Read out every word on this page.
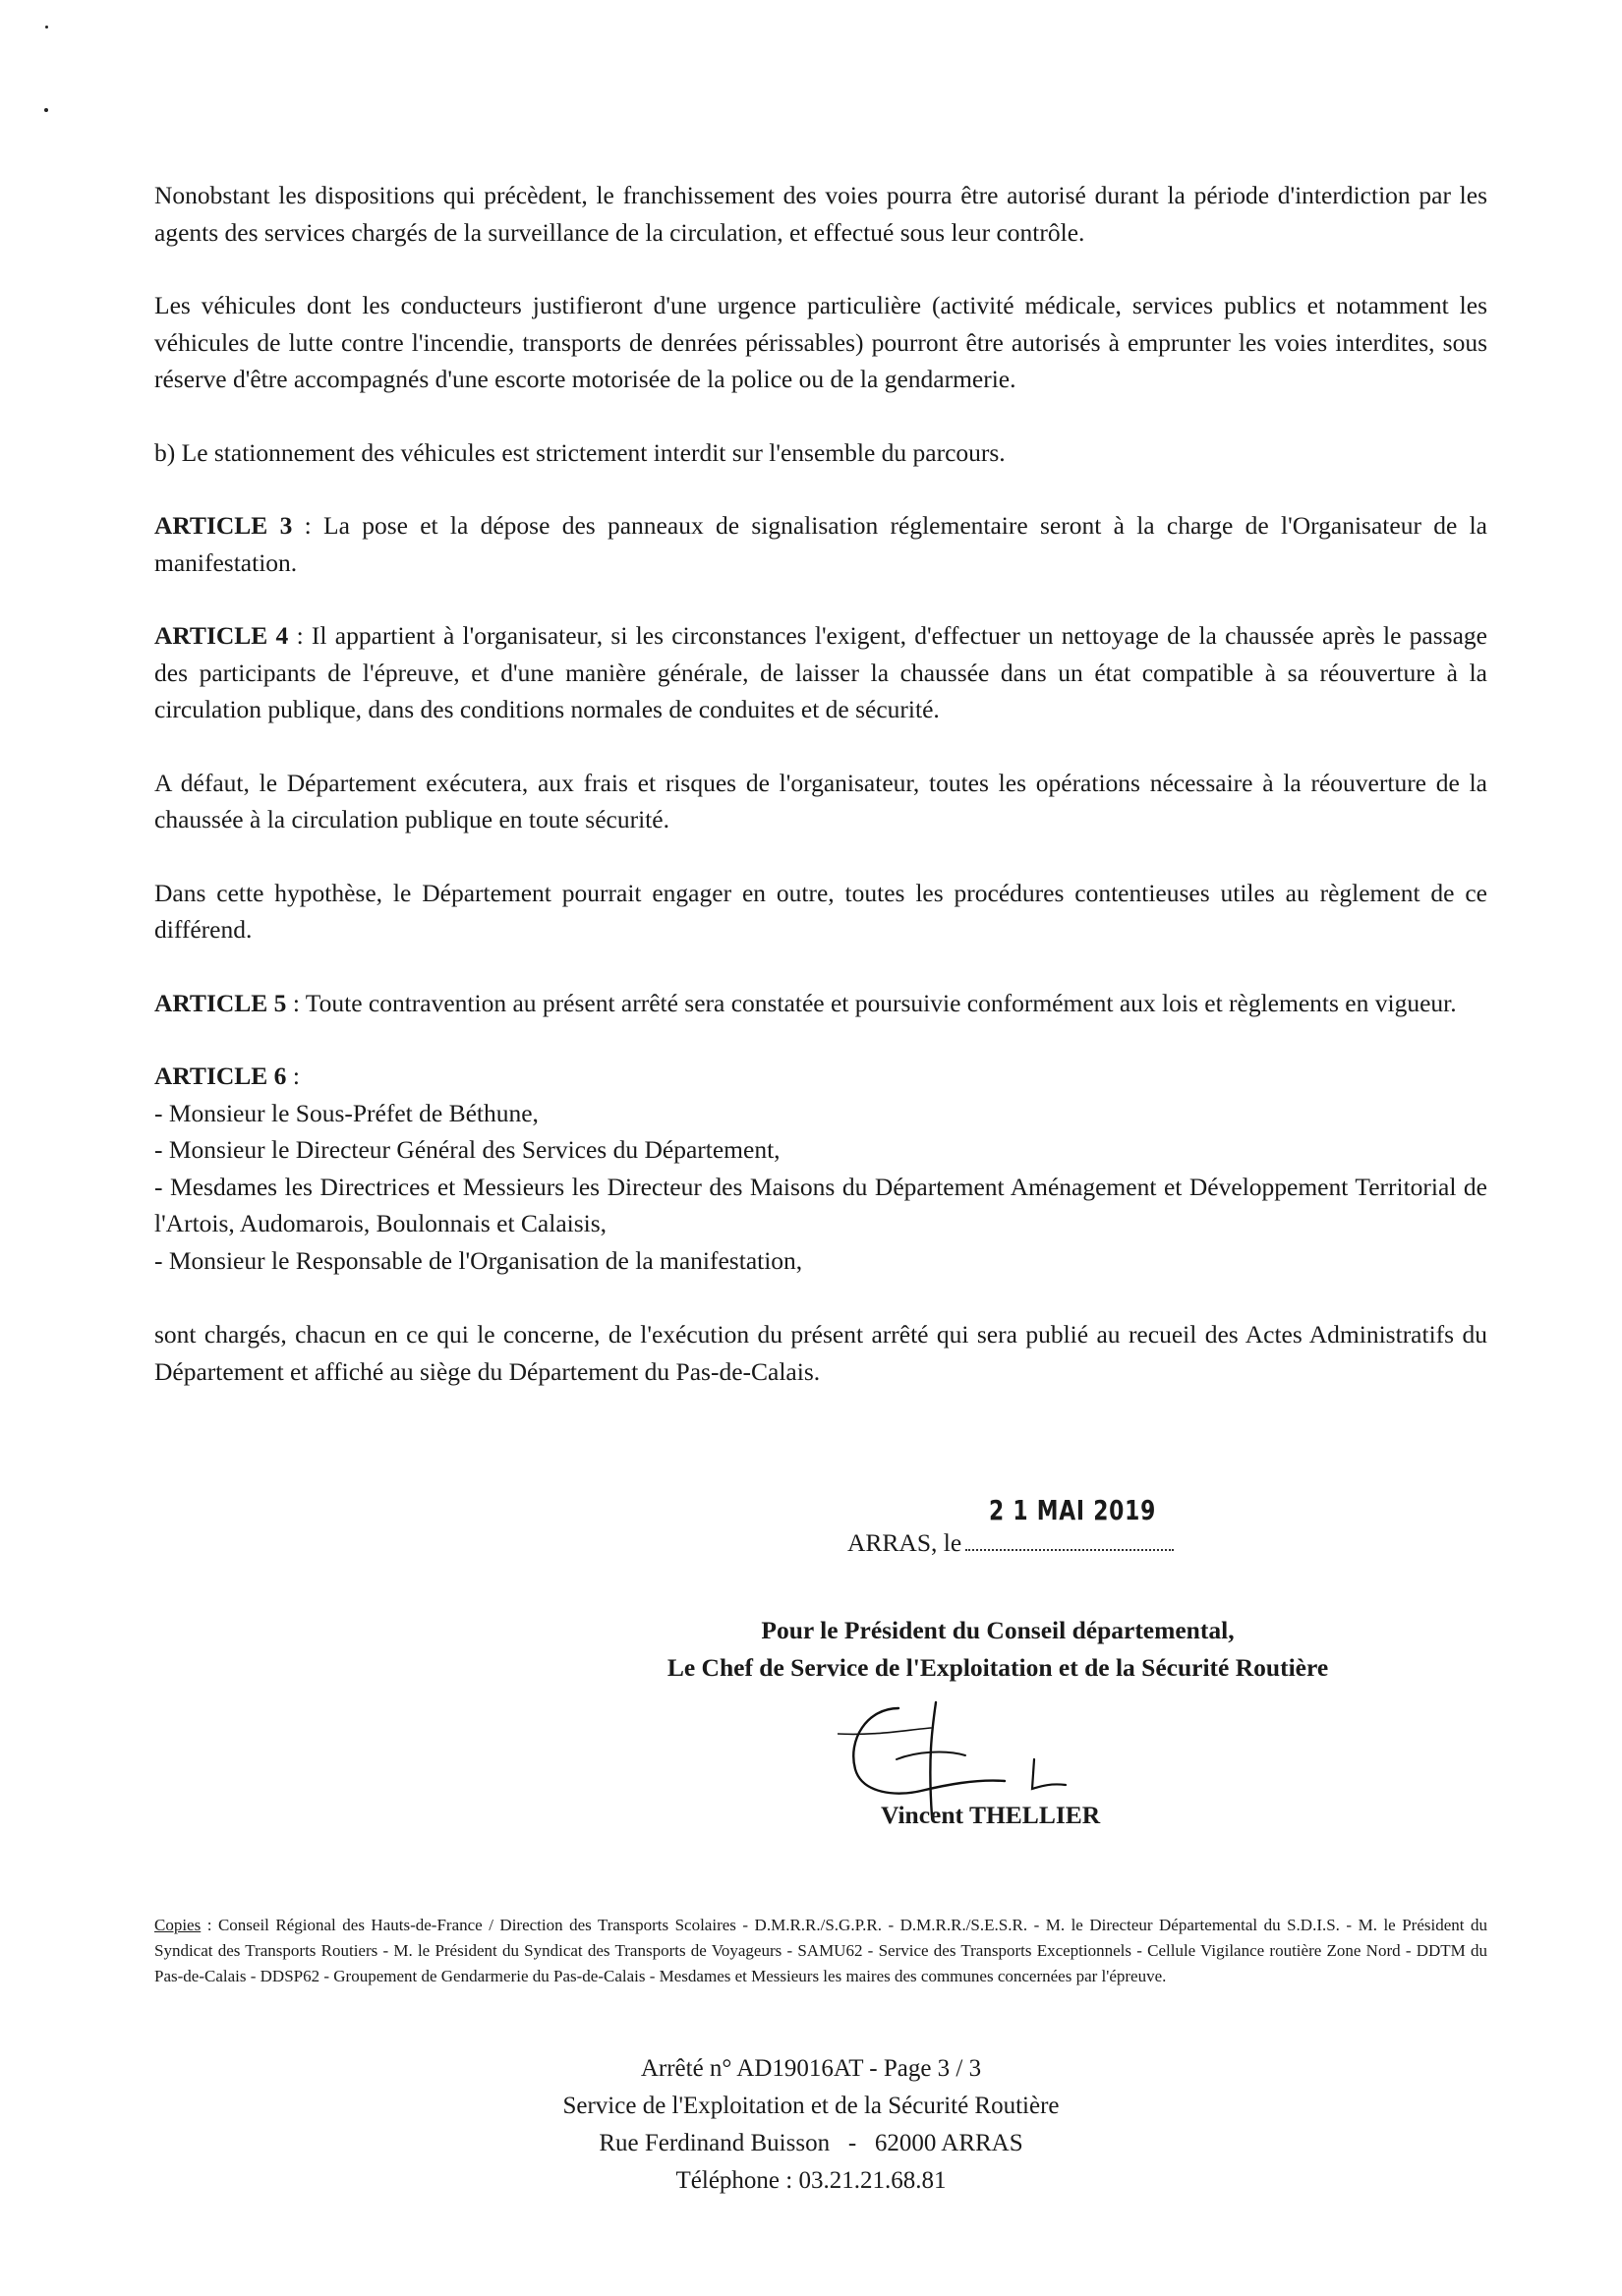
Nonobstant les dispositions qui précèdent, le franchissement des voies pourra être autorisé durant la période d'interdiction par les agents des services chargés de la surveillance de la circulation, et effectué sous leur contrôle.

Les véhicules dont les conducteurs justifieront d'une urgence particulière (activité médicale, services publics et notamment les véhicules de lutte contre l'incendie, transports de denrées périssables) pourront être autorisés à emprunter les voies interdites, sous réserve d'être accompagnés d'une escorte motorisée de la police ou de la gendarmerie.

b) Le stationnement des véhicules est strictement interdit sur l'ensemble du parcours.

ARTICLE 3 : La pose et la dépose des panneaux de signalisation réglementaire seront à la charge de l'Organisateur de la manifestation.

ARTICLE 4 : Il appartient à l'organisateur, si les circonstances l'exigent, d'effectuer un nettoyage de la chaussée après le passage des participants de l'épreuve, et d'une manière générale, de laisser la chaussée dans un état compatible à sa réouverture à la circulation publique, dans des conditions normales de conduites et de sécurité.

A défaut, le Département exécutera, aux frais et risques de l'organisateur, toutes les opérations nécessaire à la réouverture de la chaussée à la circulation publique en toute sécurité.

Dans cette hypothèse, le Département pourrait engager en outre, toutes les procédures contentieuses utiles au règlement de ce différend.

ARTICLE 5 : Toute contravention au présent arrêté sera constatée et poursuivie conformément aux lois et règlements en vigueur.

ARTICLE 6 :
- Monsieur le Sous-Préfet de Béthune,
- Monsieur le Directeur Général des Services du Département,
- Mesdames les Directrices et Messieurs les Directeur des Maisons du Département Aménagement et Développement Territorial de l'Artois, Audomarois, Boulonnais et Calaisis,
- Monsieur le Responsable de l'Organisation de la manifestation,

sont chargés, chacun en ce qui le concerne, de l'exécution du présent arrêté qui sera publié au recueil des Actes Administratifs du Département et affiché au siège du Département du Pas-de-Calais.

ARRAS, le
2 1 MAI 2019
Pour le Président du Conseil départemental,
Le Chef de Service de l'Exploitation et de la Sécurité Routière
Vincent THELLIER
Copies : Conseil Régional des Hauts-de-France / Direction des Transports Scolaires - D.M.R.R./S.G.P.R. - D.M.R.R./S.E.S.R. - M. le Directeur Départemental du S.D.I.S. - M. le Président du Syndicat des Transports Routiers - M. le Président du Syndicat des Transports de Voyageurs - SAMU62 - Service des Transports Exceptionnels - Cellule Vigilance routière Zone Nord - DDTM du Pas-de-Calais - DDSP62 - Groupement de Gendarmerie du Pas-de-Calais - Mesdames et Messieurs les maires des communes concernées par l'épreuve.
Arrêté n° AD19016AT - Page 3 / 3
Service de l'Exploitation et de la Sécurité Routière
Rue Ferdinand Buisson   -   62000 ARRAS
Téléphone : 03.21.21.68.81
